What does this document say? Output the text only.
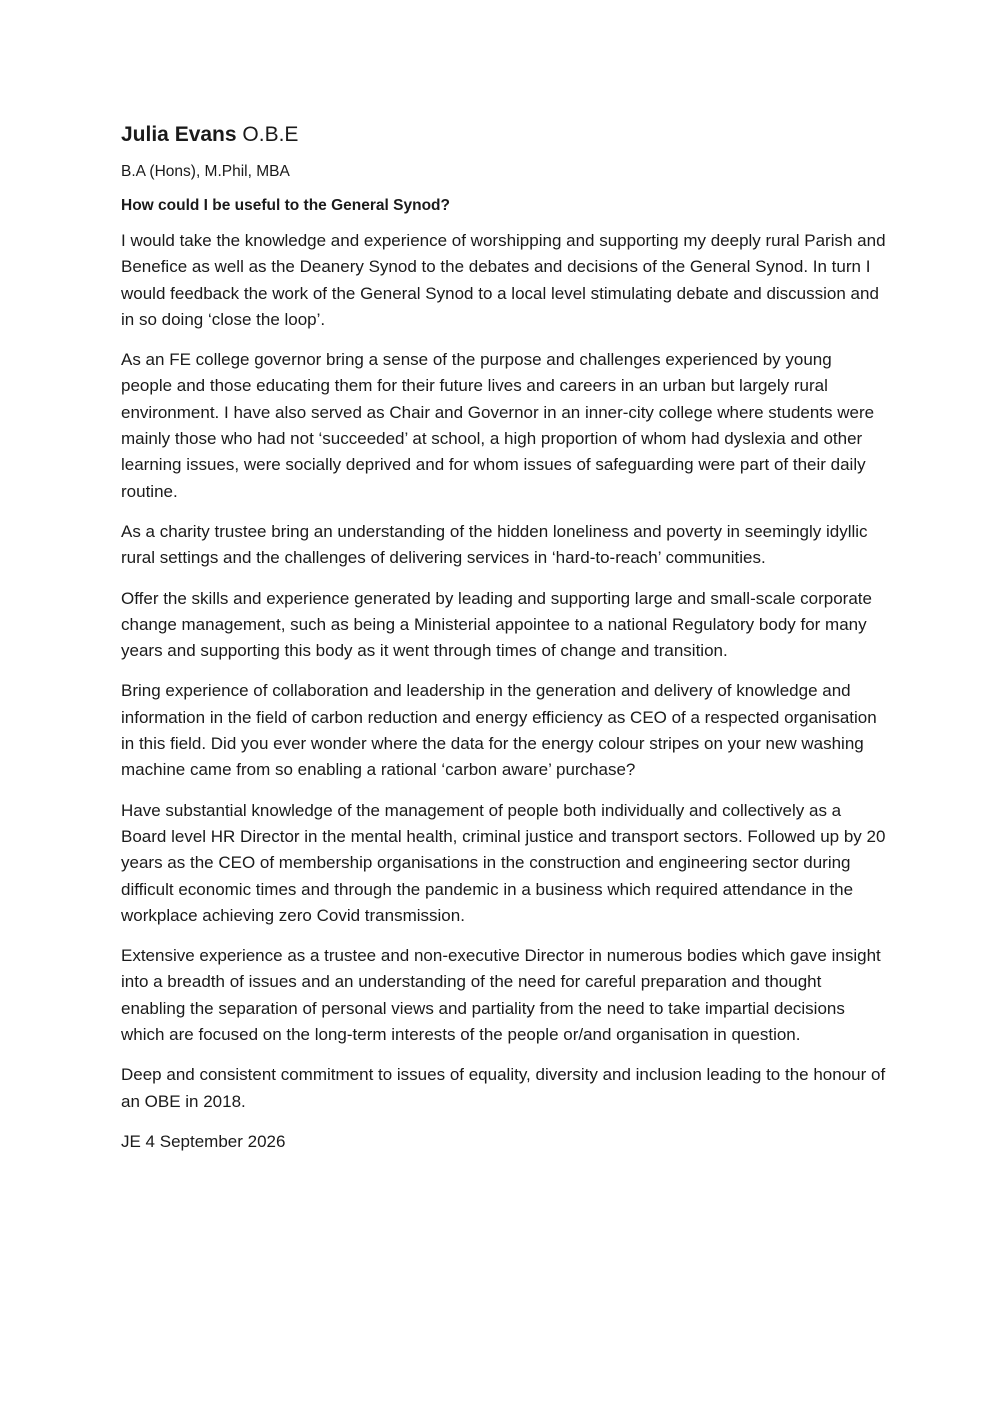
Julia Evans O.B.E
B.A (Hons), M.Phil, MBA
How could I be useful to the General Synod?

I would take the knowledge and experience of worshipping and supporting my deeply rural Parish and Benefice as well as the Deanery Synod to the debates and decisions of the General Synod. In turn I would feedback the work of the General Synod to a local level stimulating debate and discussion and in so doing ‘close the loop’.

As an FE college governor bring a sense of the purpose and challenges experienced by young people and those educating them for their future lives and careers in an urban but largely rural environment. I have also served as Chair and Governor in an inner-city college where students were mainly those who had not ‘succeeded’ at school, a high proportion of whom had dyslexia and other learning issues, were socially deprived and for whom issues of safeguarding were part of their daily routine.

As a charity trustee bring an understanding of the hidden loneliness and poverty in seemingly idyllic rural settings and the challenges of delivering services in ‘hard-to-reach’ communities.

Offer the skills and experience generated by leading and supporting large and small-scale corporate change management, such as being a Ministerial appointee to a national Regulatory body for many years and supporting this body as it went through times of change and transition.

Bring experience of collaboration and leadership in the generation and delivery of knowledge and information in the field of carbon reduction and energy efficiency as CEO of a respected organisation in this field. Did you ever wonder where the data for the energy colour stripes on your new washing machine came from so enabling a rational ‘carbon aware’ purchase?

Have substantial knowledge of the management of people both individually and collectively as a Board level HR Director in the mental health, criminal justice and transport sectors. Followed up by 20 years as the CEO of membership organisations in the construction and engineering sector during difficult economic times and through the pandemic in a business which required attendance in the workplace achieving zero Covid transmission.

Extensive experience as a trustee and non-executive Director in numerous bodies which gave insight into a breadth of issues and an understanding of the need for careful preparation and thought enabling the separation of personal views and partiality from the need to take impartial decisions which are focused on the long-term interests of the people or/and organisation in question.

Deep and consistent commitment to issues of equality, diversity and inclusion leading to the honour of an OBE in 2018.

JE 4 September 2026
